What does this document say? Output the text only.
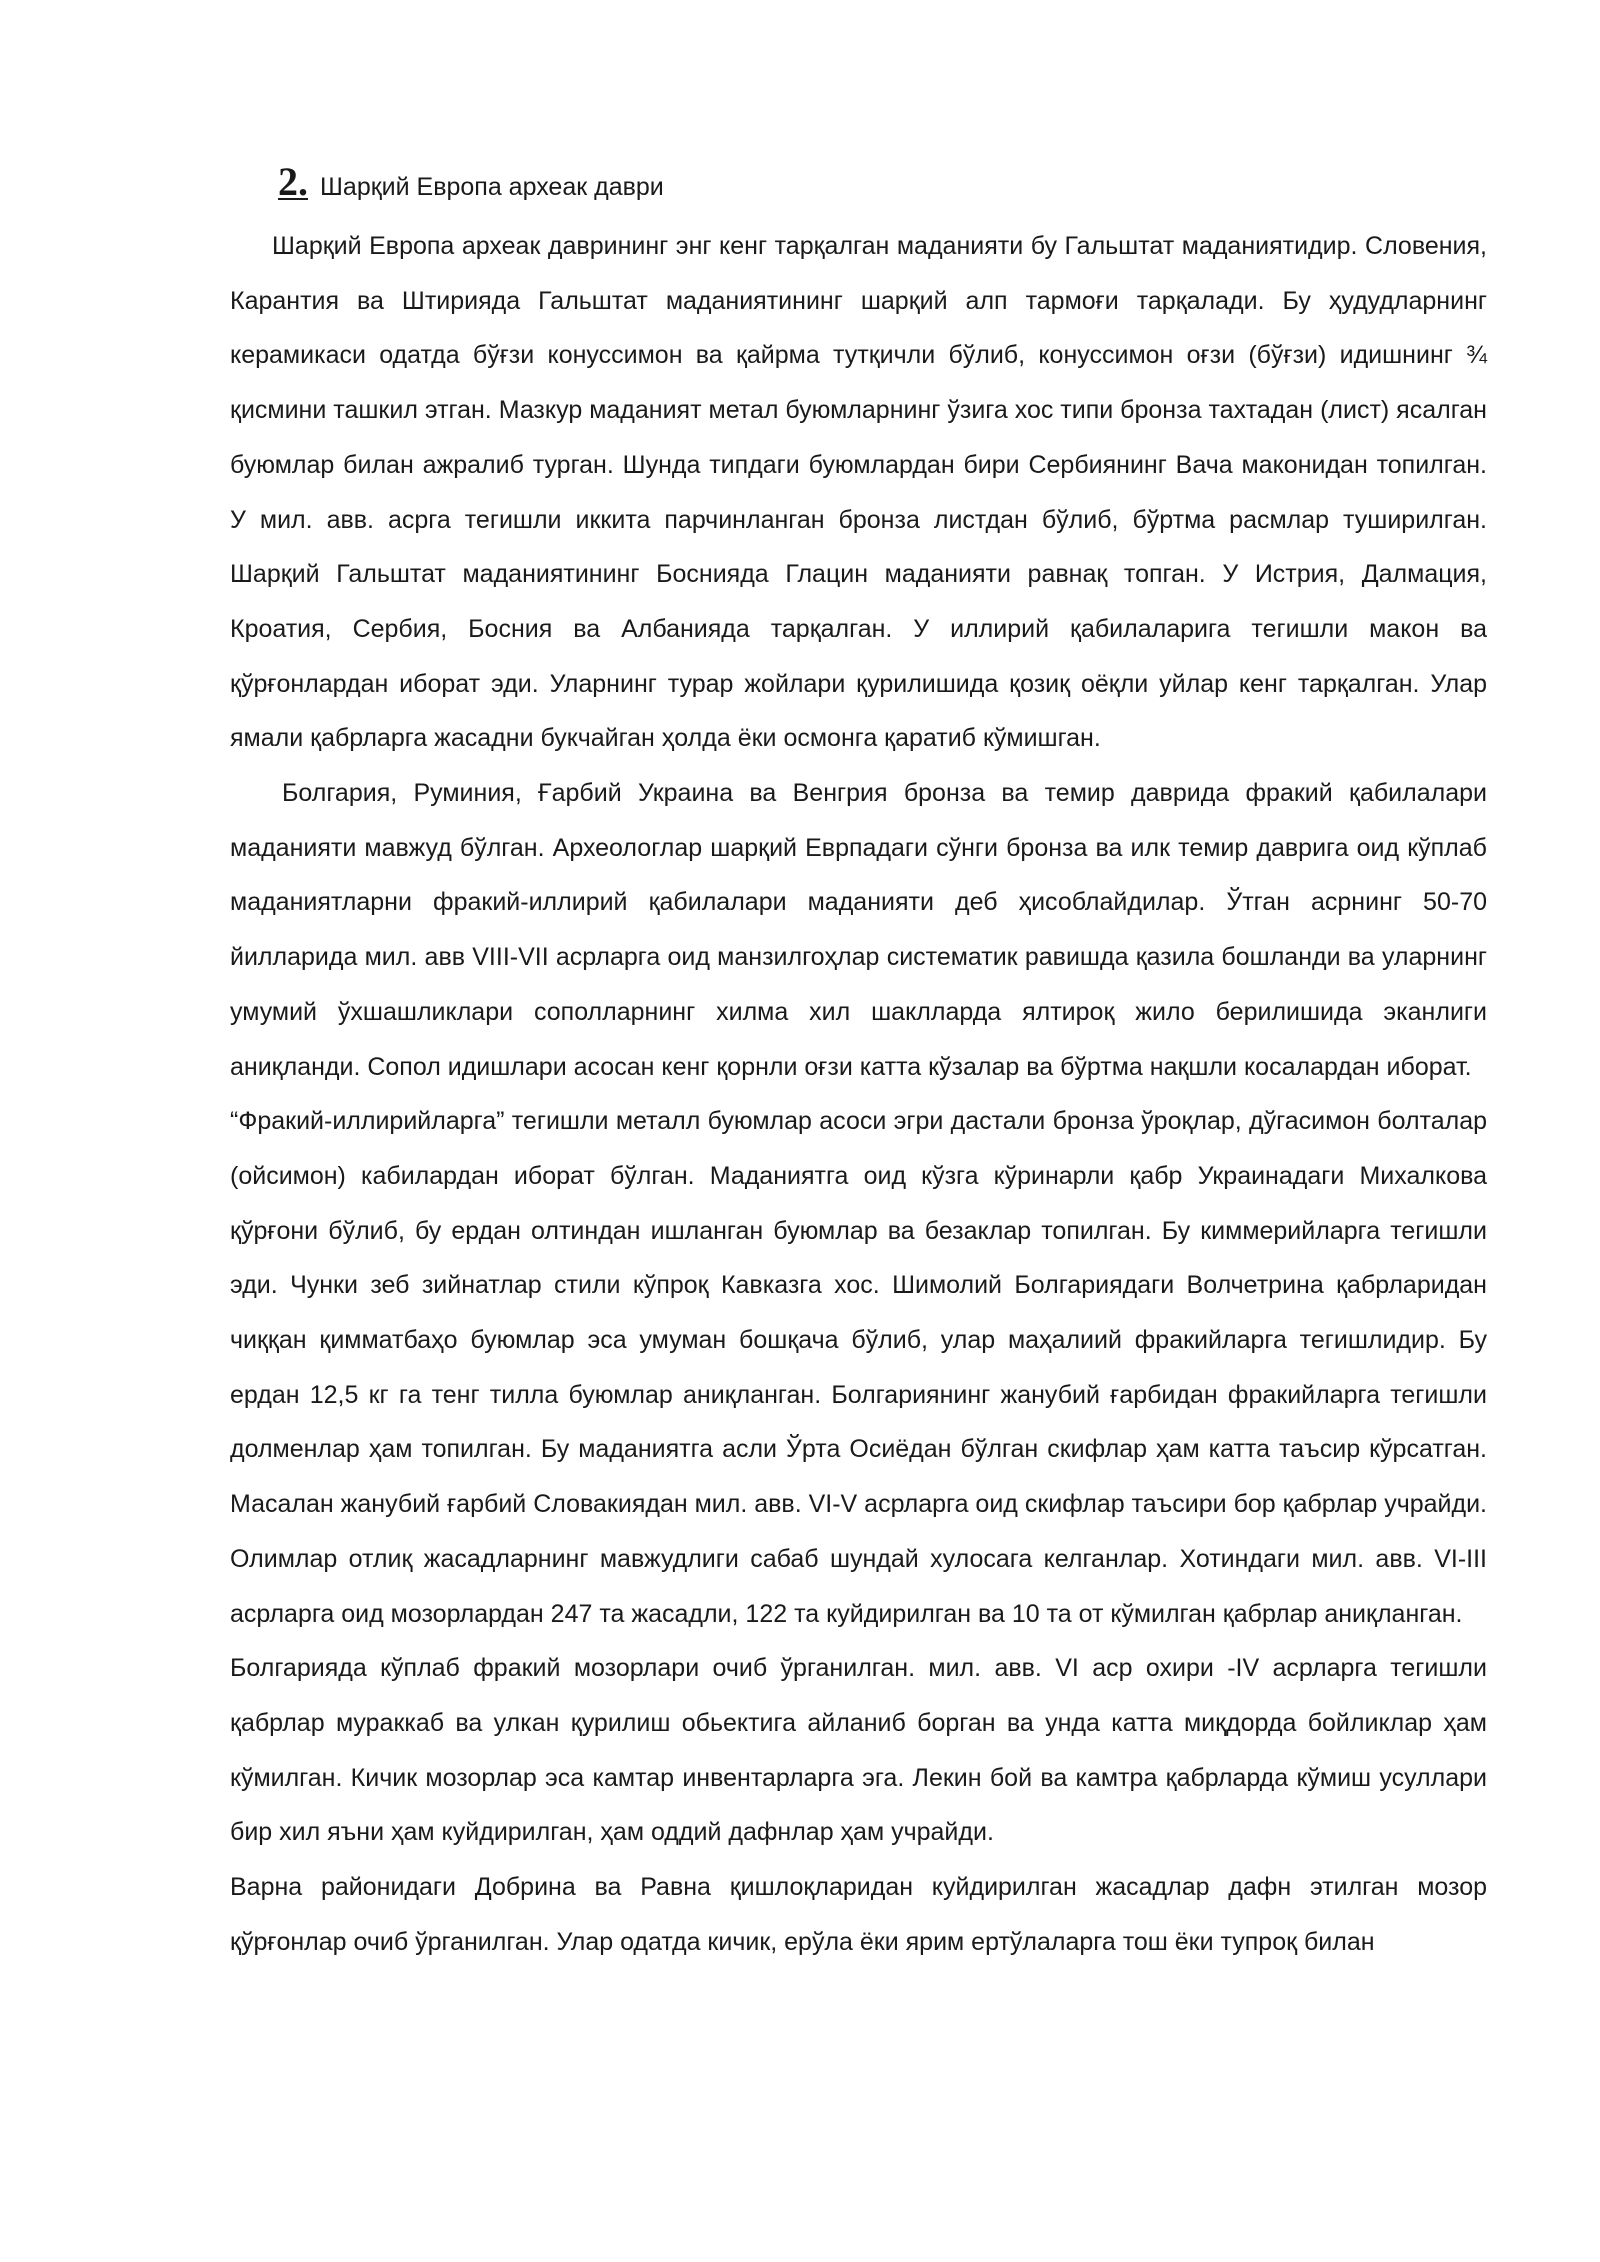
2. Шарқий Европа археак даври

Шарқий Европа археак даврининг энг кенг тарқалган маданияти бу Гальштат маданиятидир. Словения, Карантия ва Штирияда Гальштат маданиятининг шарқий алп тармоғи тарқалади. Бу ҳудудларнинг керамикаси одатда бўғзи конуссимон ва қайрма тутқичли бўлиб, конуссимон оғзи (бўғзи) идишнинг ¾ қисмини ташкил этган. Мазкур маданият метал буюмларнинг ўзига хос типи бронза тахтадан (лист) ясалган буюмлар билан ажралиб турган. Шунда типдаги буюмлардан бири Сербиянинг Вача маконидан топилган. У мил. авв. асрга тегишли иккита парчинланган бронза листдан бўлиб, бўртма расмлар туширилган. Шарқий Гальштат маданиятининг Боснияда Глацин маданияти равнақ топган. У Истрия, Далмация, Кроатия, Сербия, Босния ва Албанияда тарқалган. У иллирий қабилаларига тегишли макон ва қўрғонлардан иборат эди. Уларнинг турар жойлари қурилишида қозиқ оёқли уйлар кенг тарқалган. Улар ямали қабрларга жасадни букчайган ҳолда ёки осмонга қаратиб кўмишган.

Болгария, Руминия, Ғарбий Украина ва Венгрия бронза ва темир даврида фракий қабилалари маданияти мавжуд бўлган. Археологлар шарқий Еврпадаги сўнги бронза ва илк темир даврига оид кўплаб маданиятларни фракий-иллирий қабилалари маданияти деб ҳисоблайдилар. Ўтган асрнинг 50-70 йилларида мил. авв VIII-VII асрларга оид манзилгоҳлар систематик равишда қазила бошланди ва уларнинг умумий ўхшашликлари сополларнинг хилма хил шаклларда ялтироқ жило берилишида эканлиги аниқланди. Сопол идишлари асосан кенг қорнли оғзи катта кўзалар ва бўртма нақшли косалардан иборат.

“Фракий-иллирийларга” тегишли металл буюмлар асоси эгри дастали бронза ўроқлар, дўгасимон болталар (ойсимон) кабилардан иборат бўлган. Маданиятга оид кўзга кўринарли қабр Украинадаги Михалкова қўрғони бўлиб, бу ердан олтиндан ишланган буюмлар ва безаклар топилган. Бу киммерийларга тегишли эди. Чунки зеб зийнатлар стили кўпроқ Кавказга хос. Шимолий Болгариядаги Волчетрина қабрларидан чиққан қимматбаҳо буюмлар эса умуман бошқача бўлиб, улар маҳалиий фракийларга тегишлидир. Бу ердан 12,5 кг га тенг тилла буюмлар аниқланган. Болгариянинг жанубий ғарбидан фракийларга тегишли долменлар ҳам топилган. Бу маданиятга асли Ўрта Осиёдан бўлган скифлар ҳам катта таъсир кўрсатган. Масалан жанубий ғарбий Словакиядан мил. авв. VI-V асрларга оид скифлар таъсири бор қабрлар учрайди. Олимлар отлиқ жасадларнинг мавжудлиги сабаб шундай хулосага келганлар. Хотиндаги мил. авв. VI-III асрларга оид мозорлардан 247 та жасадли, 122 та куйдирилган ва 10 та от кўмилган қабрлар аниқланган.

Болгарияда кўплаб фракий мозорлари очиб ўрганилган. мил. авв. VI аср охири -IV асрларга тегишли қабрлар мураккаб ва улкан қурилиш обьектига айланиб борган ва унда катта миқдорда бойликлар ҳам кўмилган. Кичик мозорлар эса камтар инвентарларга эга. Лекин бой ва камтра қабрларда кўмиш усуллари бир хил яъни ҳам куйдирилган, ҳам оддий дафнлар ҳам учрайди.

Варна районидаги Добрина ва Равна қишлоқларидан куйдирилган жасадлар дафн этилган мозор қўрғонлар очиб ўрганилган. Улар одатда кичик, ерўла ёки ярим ертўлаларга тош ёки тупроқ билан
